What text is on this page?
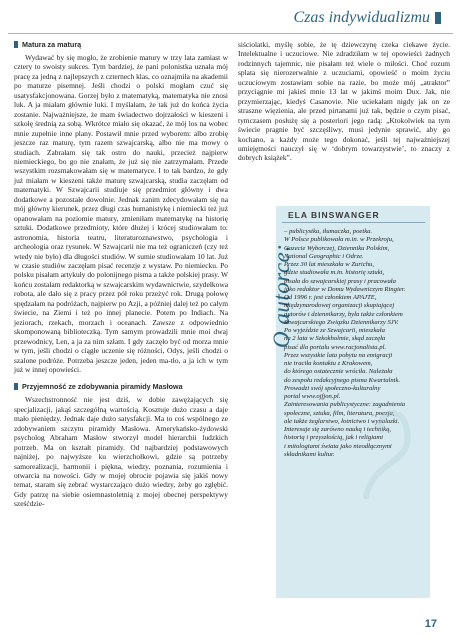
Czas indywidualizmu
Matura za maturą

Wydawać by się mogło, że zrobienie matury w trzy lata zamiast w cztery to swoisty sukces. Tym bardziej, że pani polonistka uznała mój pracę za jedną z najlepszych z czternech klas, co oznajmiła na akademii po maturze pisemnej. Jeśli chodzi o polski mogłam czuć się usatysfakcjonowana. Gorzej było z matematyką, matematyka nie znosi luk. A ja miałam głównie luki. I myślałam, że tak już do końca życia zostanie. Najważniejsze, że mam świadectwo dojrzałości w kieszeni i szkołę średnią za sobą. Wkrótce miało się okazać, że mój los na wobec mnie zupełnie inne plany. Postawił mnie przed wyborem: albo zrobię jeszcze raz maturę, tym razem szwajcarską, albo nie ma mowy o studiach. Zabrałam się tak ostro do nauki, przecież najpierw niemieckiego, bo go nie znałam, że już się nie zatrzymałam. Przede wszystkim rozsmakowałam się w matematyce. I to tak bardzo, że gdy już miałam w kieszeni także maturę szwajcarską, studia zaczęłam od matematyki. W Szwajcarii studiuje się przedmiot główny i dwa dodatkowe a pozostałe dowolnie. Jednak zanim zdecydowałam się na mój główny kierunek, przez długi czas humanistykę i niemiecki też już opanowałam na poziomie matury, zmieniłam matematykę na historię sztuki. Dodatkowe przedmioty, które dłużej i krócej studiowałam to: astronomia, historia teatru, literaturoznawstwo, psychologia i archeologia oraz rysunek. W Szwajcarii nie ma też ograniczeń (czy też wtedy nie było) dla długości studiów. W sumie studiowałam 10 lat. Już w czasie studiów zaczęłam pisać recenzje z wystaw. Po niemiecku. Po polsku pisałam artykuły do polonijnego pisma a także polskiej prasy. W końcu zostałam redaktorką w szwajcarskim wydawnictwie, szydełkowa robota, ale dało się z pracy przez pół roku przeżyć rok. Drugą połowę spędzałam na podróżach, najpierw po Azji, a później dalej też po całym świecie, na Ziemi i też po innej planecie. Potem po Indiach. Na jeziorach, rzekach, morzach i oceanach. Zawsze z odpowiednio skomponowaną biblioteczką. Tym samym prowadzili mnie moi dwaj przewodnicy, Len, a ja za nim szłam. I gdy zaczęło być od morza mnie w tym, jeśli chodzi o ciągłe uczenie się różności, Odys, jeśli chodzi o szalone podróże. Potrzeba jeszcze jeden, jeden ma-tło, a ja ich w tym już w innej opowieści.

Przyjemność ze zdobywania piramidy Masłowa

Wszechstronność nie jest dziś, w dobie zawężających się specjalizacji, jakąś szczególną wartością. Kosztuje dużo czasu a daje mało pieniędzy. Jednak daje dużo satysfakcji. Ma to coś wspólnego ze zdobywaniem szczytu piramidy Masłowa. Amerykańsko-żydowski psycholog Abraham Masłow stworzył model hierarchii ludzkich potrzeb. Ma on kształt piramidy. Od najbardziej podstawowych najniżej, po najwyższe ku wierzchołkowi, gdzie są potrzeby samorealizacji, harmonii i piękna, wiedzy, poznania, rozumienia i otwarcia na nowości. Gdy w mojej obrocie pojawia się jakiś nowy temat, staram się zebrać wystarczająco dużo wiedzy, żeby go zgłębić. Gdy patrzę na siebie osiemnastoletnią z mojej obecnej perspektywy sześćdzie-

siściolatki, myślę sobie, że tę dziewczynę czeka ciekawe życie. Intelektualne i uczuciowe. Nie zdradziłam w tej opowieści żadnych rodzinnych tajemnic, nie pisałam też wiele o miłości. Choć rozum splata się nierozerwalnie z uczuciami, opowieść o moim życiu uczuciowym zostawiam sobie na razie, bo może mój „atraktor” przyciągnie mi jakieś mnie 13 lat w jakimś moim Dux. Jak, nie przymierzając, kiedyś Casanovie. Nie uciekałam nigdy jak on ze straszne więzienia, ale przed pirtanami już tak, będzie o czym pisać, tymczasem posłużę się a posteriori jego radą: „Ktokolwiek na tym świecie pragnie być szczęśliwy, musi jedynie sprawić, aby go kochano, a każdy może tego dokonać, jeśli tej najważniejszej umiejętności nauczył się w ‘dobrym towarzystwie’, to znaczy z dobrych książek”.

O autorce:
ELA BINSWANGER
– publicystka, tłumaczka, poetka.
W Polsce publikowała m.in. w Przekroju,
Gazecie Wyborczej, Dzienniku Polskim,
National Geographic i Odrze.
Przez 30 lat mieszkała w Zurichu,
gdzie studiowała m.in. historię sztuki,
pisała do szwajcarskiej prasy i pracowała
jako redaktor w Domu Wydawniczym Ringier.
Od 1996 r. jest członkiem APAJTE,
międzynarodowej organizacji skupiającej
autorów i dziennikarzy, była także członkiem
Szwajcarskiego Związku Dziennikarzy SJV.
Po wyjeździe ze Szwajcarii, mieszkała
na 2 lata w Szkokholmie, skąd zaczęła
pisać dla portalu www.racjonalista.pl.
Przez wszystkie lata pobytu na emigracji
nie traciła kontaktu z Krakowem,
do którego ostatecznie wróciła. Należała
do zespołu redakcyjnego pisma Kwartalnik.
Prowadzi swój społeczno-kulturalny
portal www.ojfjon.pl.
Zainteresowania publicystyczne: zagadnienia
społeczne, sztuka, film, literatura, poezja,
ale także żeglarstwo, łotnictwo i wynalazki.
Interesuje się zarówno nauką i techniką,
historią i przyszłością, jak i religiami
i mitologiami świata jako nieodłącznymi
składnikami kultur.
17
